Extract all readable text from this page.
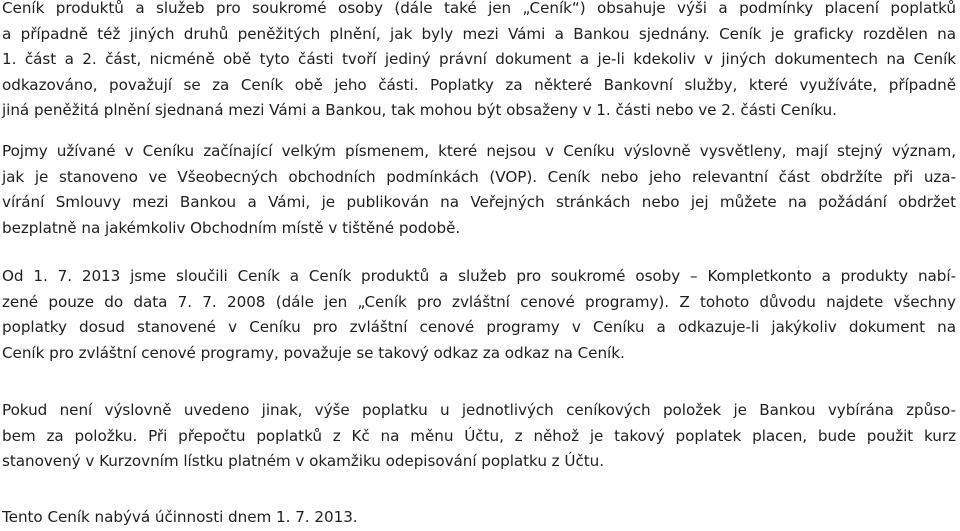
Ceník produktů a služeb pro soukromé osoby (dále také jen „Ceník“) obsahuje výši a podmínky placení poplatků
a případně též jiných druhů peněžitých plnění, jak byly mezi Vámi a Bankou sjednány. Ceník je graficky rozdělen na
1. část a 2. část, nicméně obě tyto části tvoří jediný právní dokument a je-li kdekoliv v jiných dokumentech na Ceník
odkazováno, považují se za Ceník obě jeho části. Poplatky za některé Bankovní služby, které využíváte, případně
jiná peněžitá plnění sjednaná mezi Vámi a Bankou, tak mohou být obsaženy v 1. části nebo ve 2. části Ceníku.

Pojmy užívané v Ceníku začínající velkým písmenem, které nejsou v Ceníku výslovně vysvětleny, mají stejný význam,
jak je stanoveno ve Všeobecných obchodních podmínkách (VOP). Ceník nebo jeho relevantní část obdržíte při uza-
vírání Smlouvy mezi Bankou a Vámi, je publikován na Veřejných stránkách nebo jej můžete na požádání obdržet
bezplatně na jakémkoliv Obchodním místě v tištěné podobě.

Od 1. 7. 2013 jsme sloučili Ceník a Ceník produktů a služeb pro soukromé osoby – Kompletkonto a produkty nabí-
zené pouze do data 7. 7. 2008 (dále jen „Ceník pro zvláštní cenové programy). Z tohoto důvodu najdete všechny
poplatky dosud stanovené v Ceníku pro zvláštní cenové programy v Ceníku a odkazuje-li jakýkoliv dokument na
Ceník pro zvláštní cenové programy, považuje se takový odkaz za odkaz na Ceník.

Pokud není výslovně uvedeno jinak, výše poplatku u jednotlivých ceníkových položek je Bankou vybírána způso-
bem za položku. Při přepočtu poplatků z Kč na měnu Účtu, z něhož je takový poplatek placen, bude použit kurz
stanovený v Kurzovním lístku platném v okamžiku odepisování poplatku z Účtu.

Tento Ceník nabývá účinnosti dnem 1. 7. 2013.
